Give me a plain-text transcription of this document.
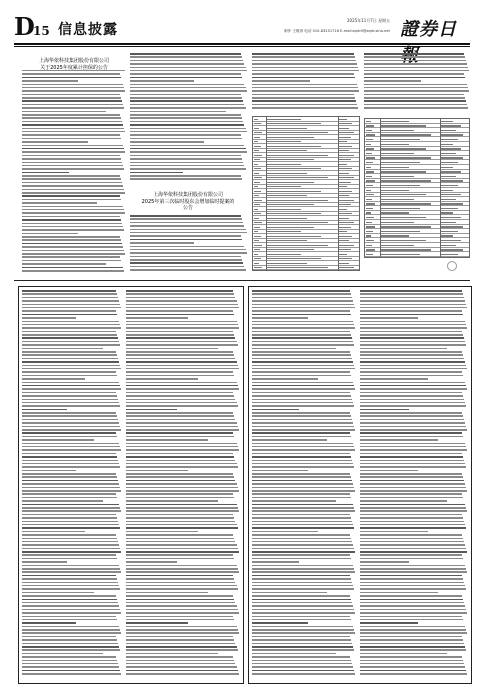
D
15 信息披露
2025年11月7日 星期五
制作 王敬涛 电话 010-83251716 E-mail:zqrb9@zqrb.sina.net 證券日
上海华依科技集团股份有限公司
关于2025年度累计担保的公告
上海华依科技集团股份有限公司
2025年第三次临时股东会增加临时提案的
公告
